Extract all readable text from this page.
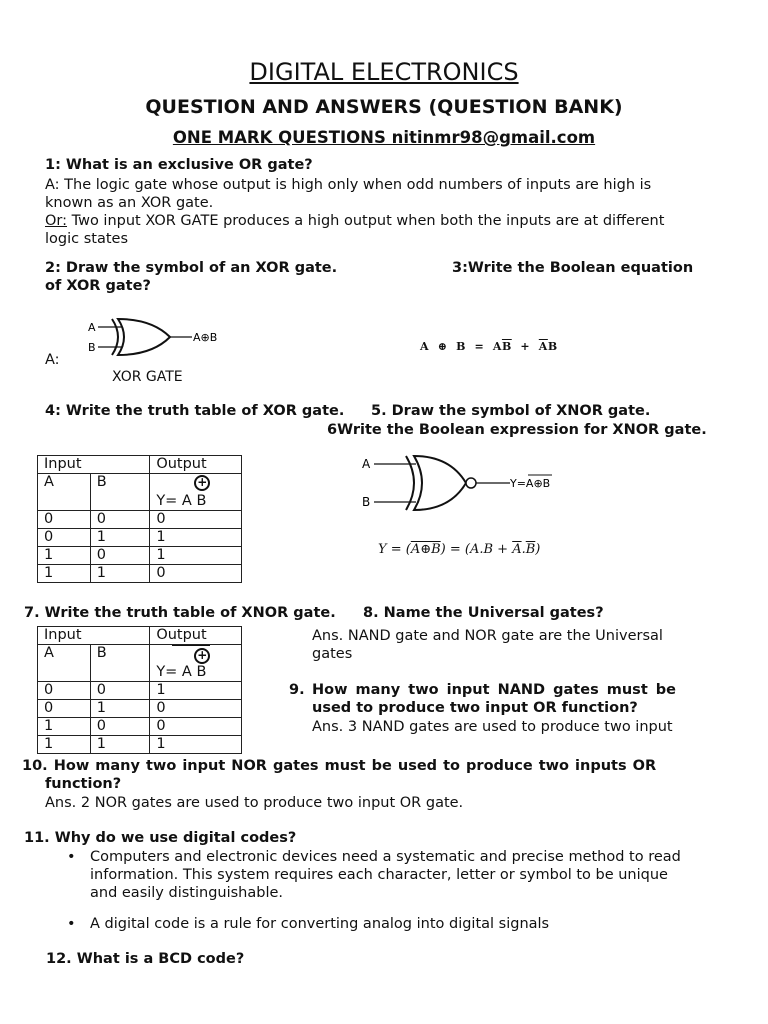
DIGITAL ELECTRONICS
QUESTION AND ANSWERS (QUESTION BANK)
ONE MARK QUESTIONS nitinmr98@gmail.com
1: What is an exclusive OR gate?
A: The logic gate whose output is high only when odd numbers of inputs are high is
known as an XOR gate.
Or: Two input XOR GATE produces a high output when both the inputs are at different
logic states
2: Draw the symbol of an XOR gate.	3:Write the Boolean equation
of XOR gate?
A:
A
B
A⊕B
XOR GATE
A  ⊕  $B = A\overline{B} + \overline{A}B$
4: Write the truth table of XOR gate. 5. Draw the symbol of XNOR gate.
6Write the Boolean expression for XNOR gate.
Input		Output
A	B	+
Y= A B

0	0	0
0	1	1
1	0	1
1	1	0
A
B
Y=A⊕B
Y = (A⊕B) = $(A.B + \overline{A}.\overline{B})$
7. Write the truth table of XNOR gate. 8. Name the Universal gates?
Input		Output
A	B	+
Y= A B

0	0	1
0	1	0
1	0	0
1	1	1
Ans. NAND gate and NOR gate are the Universal
gates
9. How many two input NAND gates must be
used to produce two input OR function?
Ans. 3 NAND gates are used to produce two input
10. How many two input NOR gates must be used to produce two inputs OR
function?
Ans. 2 NOR gates are used to produce two input OR gate.
11. Why do we use digital codes?
• Computers and electronic devices need a systematic and precise method to read
information. This system requires each character, letter or symbol to be unique
and easily distinguishable.
• A digital code is a rule for converting analog into digital signals
12. What is a BCD code?
